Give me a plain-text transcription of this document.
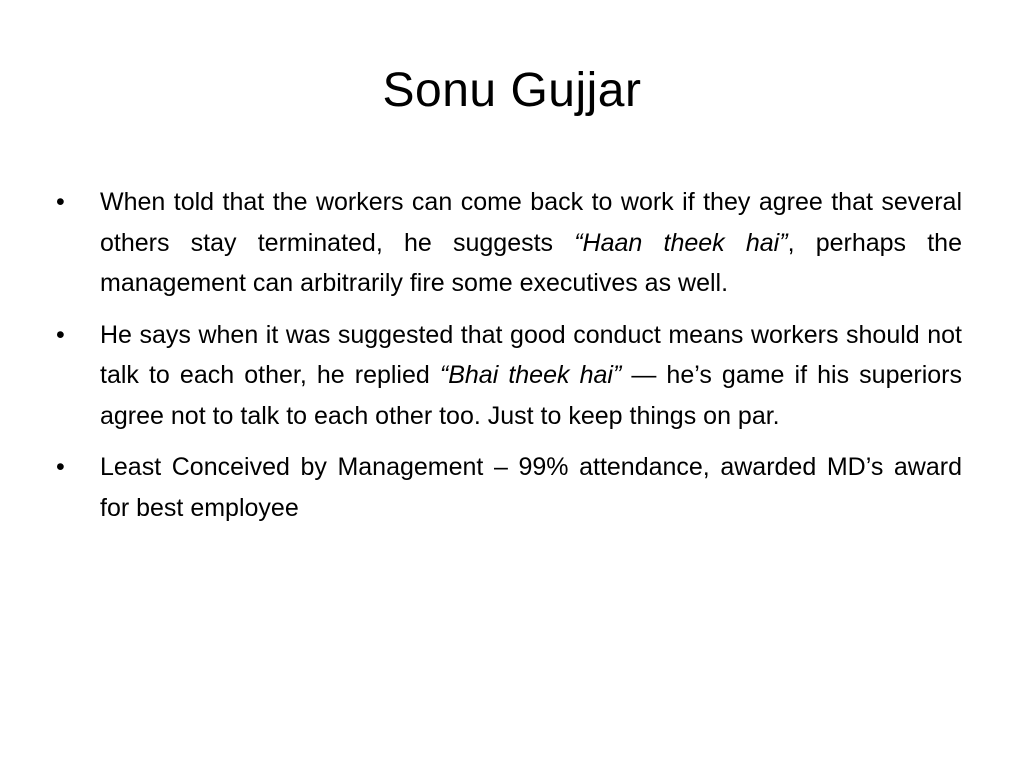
Sonu Gujjar
•	When told that the workers can come back to work if they agree that several others stay terminated, he suggests “Haan theek hai”, perhaps the management can arbitrarily fire some executives as well.
•	He says when it was suggested that good conduct means workers should not talk to each other, he replied “Bhai theek hai” — he’s game if his superiors agree not to talk to each other too. Just to keep things on par.
•	Least Conceived by Management – 99% attendance, awarded MD’s award for best employee
